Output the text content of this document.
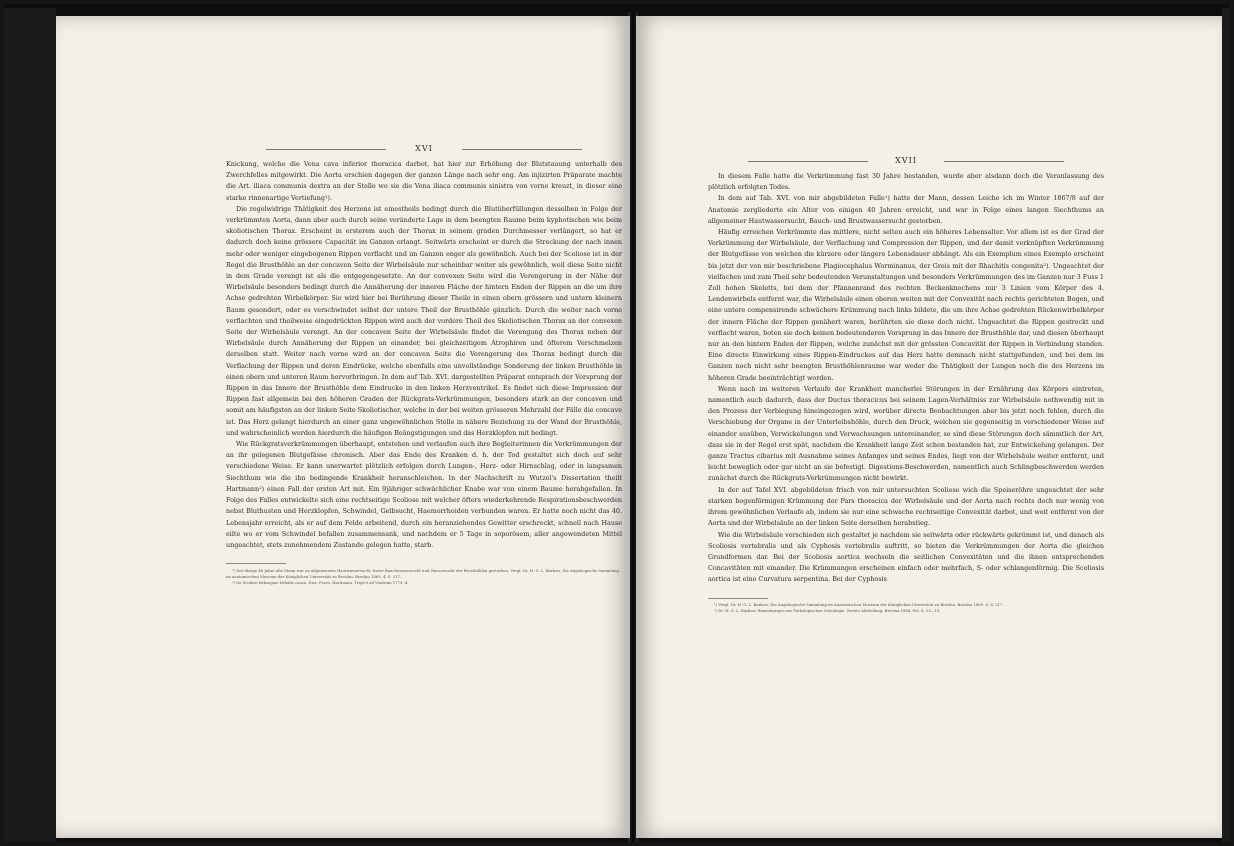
XVI

Knickung, welche die Vena cava inferior thoracica darbot, hat hier zur Erhöhung der Blutstauung unterhalb des Zwerchfelles mitgewirkt. Die Aorta erschien dagegen der ganzen Länge nach sehr eng. Am injizirten Präparate machte die Art. iliaca communis dextra an der Stelle wo sie die Vena iliaca communis sinistra von vorne kreuzt, in dieser eine starke rinnenartige Vertiefung¹).

Die regelwidrige Thätigkeit des Herzens ist einestheils bedingt durch die Blutüberfüllungen desselben in Folge der verkrümmten Aorta, dann aber auch durch seine veränderte Lage in dem beengten Raume beim kyphotischen wie beim skoliotischen Thorax. Erscheint in ersterem auch der Thorax in seinem graden Durchmesser verlängert, so hat er dadurch doch keine grössere Capacität im Ganzen erlangt. Seitwärts erscheint er durch die Streckung der nach innen mehr oder weniger eingebogenen Rippen verflacht und im Ganzen enger als gewöhnlich. Auch bei der Scoliose ist in der Regel die Brusthöhle an der concaven Seite der Wirbelsäule nur scheinbar weiter als gewöhnlich, weil diese Seite nicht in dem Grade verengt ist als die entgegengesetzte. An der convexen Seite wird die Verengerung in der Nähe der Wirbelsäule besonders bedingt durch die Annäherung der inneren Fläche der hintern Enden der Rippen an die um ihre Achse gedrehten Wirbelkörper. Sie wird hier bei Berührung dieser Theile in einen obern grössern und untern kleinern Raum gesondert, oder es verschwindet selbst der untere Theil der Brusthöhle gänzlich. Durch die weiter nach vorne verflachten und theilweise eingedrückten Rippen wird auch der vordere Theil des Skoliotischen Thorax an der convexen Seite der Wirbelsäule verengt. An der concaven Seite der Wirbelsäule findet die Verengung des Thorax neben der Wirbelsäule durch Annäherung der Rippen an einander, bei gleichzeitigem Atrophiren und öfterem Verschmelzen derselben statt. Weiter nach vorne wird an der concaven Seite die Verengerung des Thorax bedingt durch die Verflachung der Rippen und deren Eindrücke, welche ebenfalls eine unvollständige Sonderung der linken Brusthöhle in einen obern und unteren Raum hervorbringen. In dem auf Tab. XVI. dargestellten Präparat entsprach der Vorsprung der Rippen in das Innere der Brusthöhle dem Eindrucke in den linken Herzventrikel. Es findet sich diese Impression der Rippen fast allgemein bei den höheren Graden der Rückgrats-Verkrümmungen, besonders stark an der concaven und somit am häufigsten an der linken Seite Skoliotischer, welche in der bei weiten grösseren Mehrzahl der Fälle die concave ist. Das Herz gelangt hierdurch an einer ganz ungewöhnlichen Stelle in nähere Beziehung zu der Wand der Brusthöhle, und wahrscheinlich werden hierdurch die häufigen Beängstigungen und das Herzklopfen mit bedingt.

Wie Rückgratsverkrümmungen überhaupt, entstehen und verlaufen auch ihre Begleiterinnen die Verkrümmungen der an ihr gelegenen Blutgefässe chronisch. Aber das Ende des Kranken d. h. der Tod gestaltet sich doch auf sehr verschiedene Weise. Er kann unerwartet plötzlich erfolgen durch Lungen-, Herz- oder Hirnschlag, oder in langsamen Siechthum wie die ihn bedingende Krankheit heranschleichen. In der Nachschrift zu Wutzel's Dissertation theilt Hartmann²) einen Fall der ersten Art mit. Ein 9jähriger schwächlicher Knabe war von einem Baume herabgefallen. In Folge des Falles entwickelte sich eine rechtseitige Scoliose mit welcher öfters wiederkehrende Respirationsbeschwerden nebst Bluthusten und Herzklopfen, Schwindel, Gelbsucht, Haemorrhoiden verbunden waren. Er hatte noch nicht das 40. Lebensjahr erreicht, als er auf dem Felde arbeitend, durch ein heranziehendes Gewitter erschreckt, schnell nach Hause eilte wo er vom Schwindel befallen zusammensank, und nachdem er 5 Tage in soporösem, aller angewendeten Mittel ungeachtet, stets zunehmendem Zustande gelegen hatte, starb.

¹) Der übrige 48 Jahre alte Mann war an allgemeinem Hautwassersucht, freier Bauchwassersucht und Wassersucht der Brusthöhlen gestorben. Vergl. Dr. H. G. L. Barkow, Die Angiologische Sammlung im anatomischen Museum der Königlichen Universität zu Breslau. Breslau 1869. 4. S. 217.

²) De Scoliosi lethargiae lethalis causa. Diss. Praes. Hartmann. Traject ad Viadrum 1779. 4.

XVII

In diesem Falle hatte die Verkrümmung fast 30 Jahre bestanden, wurde aber alsdann doch die Veranlassung des plötzlich erfolgten Todes.

In dem auf Tab. XVI. von mir abgebildeten Falle¹) hatte der Mann, dessen Leiche ich im Winter 1867/8 auf der Anatomie zergliederte ein Alter von einigen 40 Jahren erreicht, und war in Folge eines langen Siechthums an allgemeiner Hautwassersucht, Bauch- und Brustwassersucht gestorben.

Häufig erreichen Verkrümmte das mittlere, nicht selten auch ein höheres Lebensalter. Vor allem ist es der Grad der Verkrümmung der Wirbelsäule, der Verflachung und Compression der Rippen, und der damit verknüpften Verkrümmung der Blutgefässe von welchen die kürzere oder längere Lebensdauer abhängt. Als ein Exemplum eines Exemplo erscheint bis jetzt der von mir beschriebene Plagiocephalus Worminanus, der Greis mit der Rhachitis congenita²). Ungeachtet der vielfachen und zum Theil sehr bedeutenden Verunstaltungen und besonders Verkrümmungen des im Ganzen nur 3 Fuss 1 Zoll hohen Skeletts, bei dem der Pfannenrand des rechten Beckenknochens nur 3 Linien vom Körper des 4. Lendenwirbels entfernt war, die Wirbelsäule einen oberen weiten mit der Convexität nach rechts gerichteten Bogen, und eine untere compensirende schwächere Krümmung nach links bildete, die um ihre Achse gedrehten Rückenwirbelkörper der innern Fläche der Rippen genähert waren, berührten sie diese doch nicht. Ungeachtet die Rippen gestreckt und verflacht waren, boten sie doch keinen bedeutenderen Vorsprung in das Innere der Brusthöhle dar, und diesen überhaupt nur an den hintern Enden der Rippen, welche zunächst mit der grössten Concavität der Rippen in Verbindung standen. Eine directe Einwirkung eines Rippen-Eindruckes auf das Herz hatte demnach nicht stattgefunden, und bei dem im Ganzen noch nicht sehr beengten Brusthöhlenraume war weder die Thätigkeit der Lungen noch die des Herzens im höheren Grade beeinträchtigt worden.

Wenn nach im weiteren Verlaufe der Krankheit mancherlei Störungen in der Ernährung des Körpers eintreten, namentlich auch dadurch, dass der Ductus thoracicus bei seinem Lagen-Verhältniss zur Wirbelsäule nothwendig mit in den Prozess der Verbiegung hineingezogen wird, worüber directe Beobachtungen aber bis jetzt noch fehlen, durch die Verschiebung der Organe in der Unterleibshöhle, durch den Druck, welchen sie gegenseitig in verschiedener Weise auf einander ausüben, Verwickelungen und Verwachsungen untereinander, so sind diese Störungen doch sämmtlich der Art, dass sie in der Regel erst spät, nachdem die Krankheit lange Zeit schon bestanden hat, zur Entwickelung gelangen. Der ganze Tractus cibarius mit Ausnahme seines Anfanges und seines Endes, liegt von der Wirbelsäule weiter entfernt, und leicht beweglich oder gar nicht an sie befestigt. Digestions-Beschwerden, namentlich auch Schlingbeschwerden werden zunächst durch die Rückgrats-Verkrümmungen nicht bewirkt.

In der auf Tafel XVI. abgebildeten frisch von mir untersuchten Scoliose wich die Speiseröhre ungeachtet der sehr starken bogenförmigen Krümmung der Pars thoracica der Wirbelsäule und der Aorta nach rechts doch nur wenig von ihrem gewöhnlichen Verlaufe ab, indem sie nur eine schwache rechtseitige Convexität darbot, und weit entfernt von der Aorta und der Wirbelsäule an der linken Seite derselben herabstieg.

Wie die Wirbelsäule verschieden sich gestaltet je nachdem sie seitwärts oder rückwärts gekrümmt ist, und danach als Scoliosis vertebralis und als Cyphosis vertebralis auftritt, so bieten die Verkrümmungen der Aorta die gleichen Grundformen dar. Bei der Scoliosis aortica wechseln die seitlichen Convexitäten und die ihnen entsprechenden Concavitäten mit einander. Die Krümmungen erscheinen einfach oder mehrfach, S- oder schlangenförmig. Die Scoliosis aortica ist eine Curvatura serpentina. Bei der Cyphosis

¹) Vergl. Dr. H. G. L. Barkow, Die Angiologische Sammlung im Anatomischen Museum der Königlichen Universität zu Breslau. Breslau 1869. 4. S. 217.

²) Dr. H. G. L. Barkow, Bemerkungen zur Pathologischen Osteologie. Zweite Abtheilung. Breslau 1864. Fol. S. 13—19.
